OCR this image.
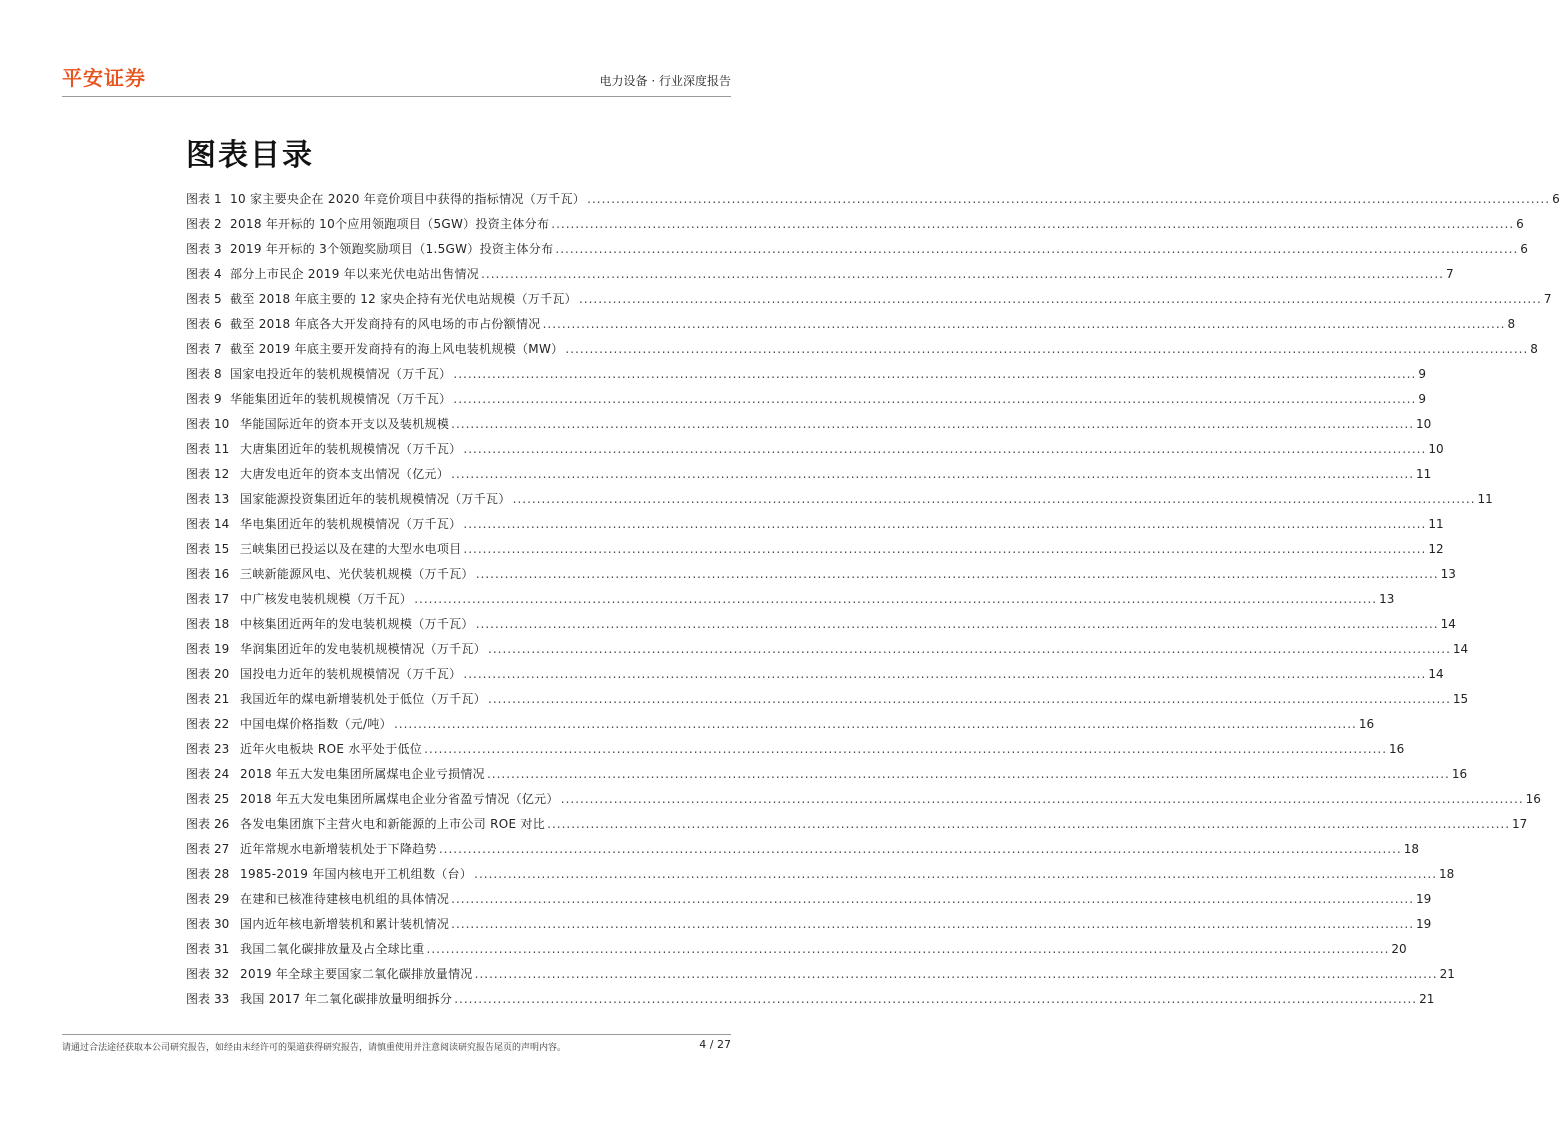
平安证券	电力设备 · 行业深度报告
图表目录
图表 1 10 家主要央企在 2020 年竞价项目中获得的指标情况（万千瓦） .....	6
图表 2 2018 年开标的 10个应用领跑项目（5GW）投资主体分布 .....	6
图表 3 2019 年开标的 3个领跑奖励项目（1.5GW）投资主体分布 .....	6
图表 4 部分上市民企 2019 年以来光伏电站出售情况 .....	7
图表 5 截至 2018 年底主要的 12 家央企持有光伏电站规模（万千瓦） .....	7
图表 6 截至 2018 年底各大开发商持有的风电场的市占份额情况 .....	8
图表 7 截至 2019 年底主要开发商持有的海上风电装机规模（MW） .....	8
图表 8 国家电投近年的装机规模情况（万千瓦） .....	9
图表 9 华能集团近年的装机规模情况（万千瓦） .....	9
图表 10 华能国际近年的资本开支以及装机规模 .....	10
图表 11 大唐集团近年的装机规模情况（万千瓦） .....	10
图表 12 大唐发电近年的资本支出情况（亿元） .....	11
图表 13 国家能源投资集团近年的装机规模情况（万千瓦） .....	11
图表 14 华电集团近年的装机规模情况（万千瓦） .....	11
图表 15 三峡集团已投运以及在建的大型水电项目 .....	12
图表 16 三峡新能源风电、光伏装机规模（万千瓦） .....	13
图表 17 中广核发电装机规模（万千瓦） .....	13
图表 18 中核集团近两年的发电装机规模（万千瓦） .....	14
图表 19 华润集团近年的发电装机规模情况（万千瓦） .....	14
图表 20 国投电力近年的装机规模情况（万千瓦） .....	14
图表 21 我国近年的煤电新增装机处于低位（万千瓦） .....	15
图表 22 中国电煤价格指数（元/吨） .....	16
图表 23 近年火电板块 ROE 水平处于低位 .....	16
图表 24 2018 年五大发电集团所属煤电企业亏损情况 .....	16
图表 25 2018 年五大发电集团所属煤电企业分省盈亏情况（亿元） .....	16
图表 26 各发电集团旗下主营火电和新能源的上市公司 ROE 对比 .....	17
图表 27 近年常规水电新增装机处于下降趋势 .....	18
图表 28 1985-2019 年国内核电开工机组数（台） .....	18
图表 29 在建和已核准待建核电机组的具体情况 .....	19
图表 30 国内近年核电新增装机和累计装机情况 .....	19
图表 31 我国二氧化碳排放量及占全球比重 .....	20
图表 32 2019 年全球主要国家二氧化碳排放量情况 .....	21
图表 33 我国 2017 年二氧化碳排放量明细拆分 .....	21
请通过合法途径获取本公司研究报告，如经由未经许可的渠道获得研究报告，请慎重使用并注意阅读研究报告尾页的声明内容。	4 / 27
